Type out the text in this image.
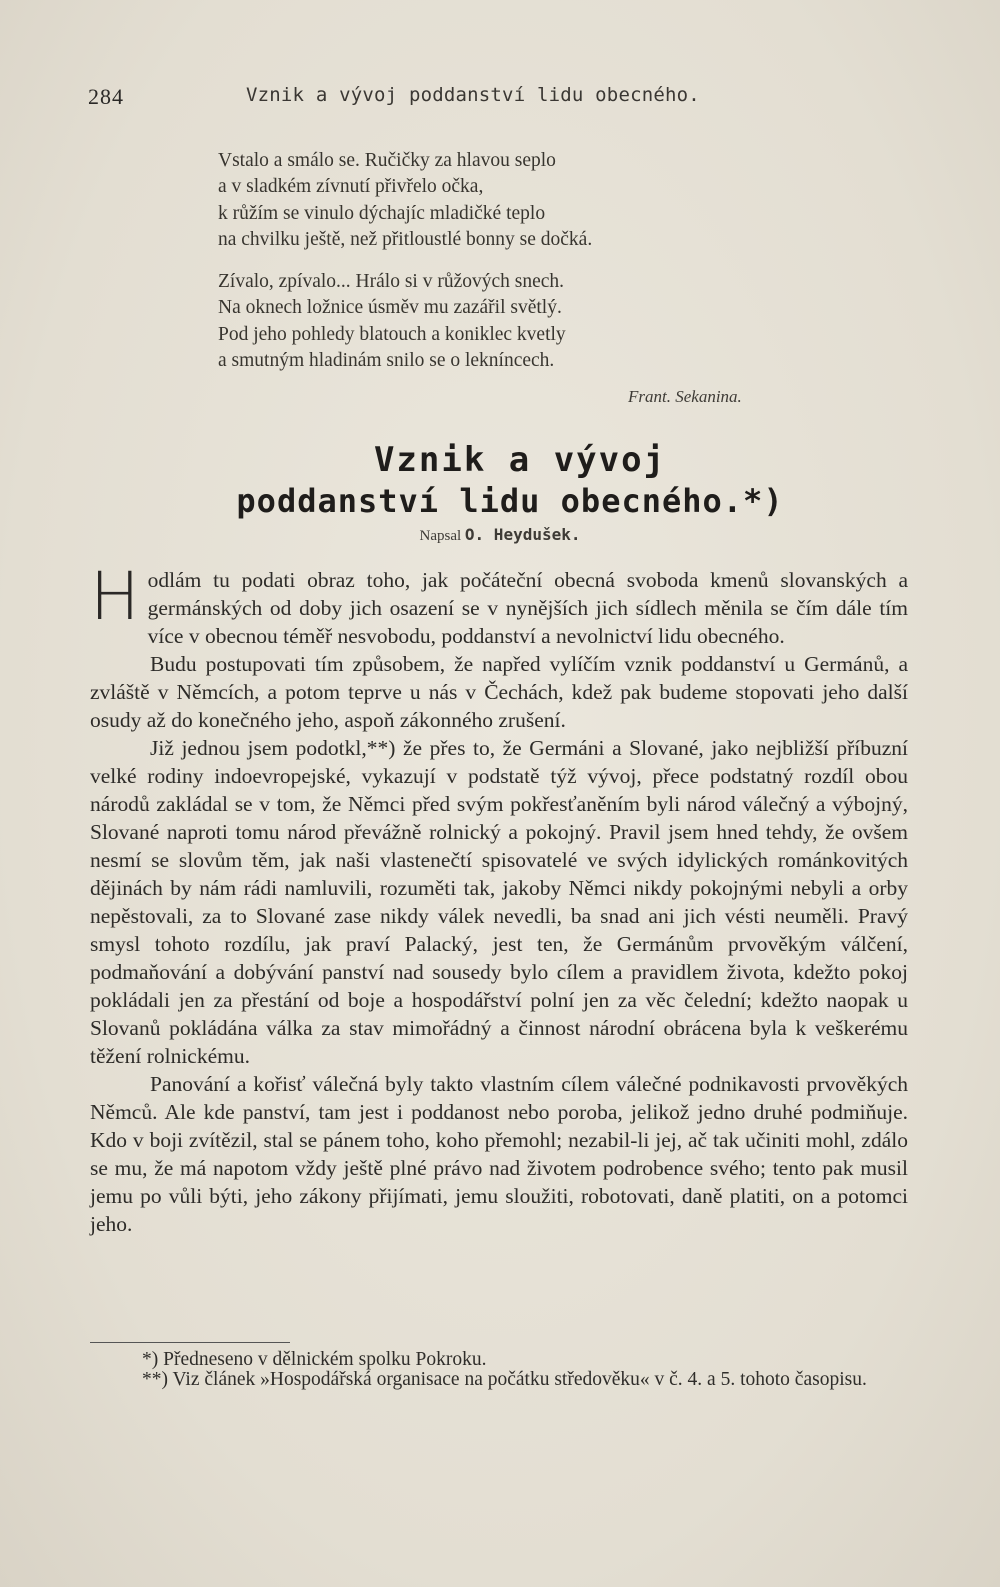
284	Vznik a vývoj poddanství lidu obecného.
Vstalo a smálo se. Ručičky za hlavou seplo
a v sladkém zívnutí přivřelo očka,
k růžím se vinulo dýchajíc mladičké teplo
na chvilku ještě, než přitloustlé bonny se dočká.
Zívalo, zpívalo... Hrálo si v růžových snech.
Na oknech ložnice úsměv mu zazářil světlý.
Pod jeho pohledy blatouch a koniklec kvetly
a smutným hladinám snilo se o lekníncech.
Frant. Sekanina.
Vznik a vývoj
poddanství lidu obecného.*)
Napsal O. Heydušek.

Hodlám tu podati obraz toho, jak počáteční obecná svoboda kmenů slovanských a germánských od doby jich osazení se v nynějších jich sídlech měnila se čím dále tím více v obecnou téměř nesvobodu, poddanství a nevolnictví lidu obecného.

Budu postupovati tím způsobem, že napřed vylíčím vznik poddanství u Germánů, a zvláště v Němcích, a potom teprve u nás v Čechách, kdež pak budeme stopovati jeho další osudy až do konečného jeho, aspoň zákonného zrušení.

Již jednou jsem podotkl,**) že přes to, že Germáni a Slované, jako nejbližší příbuzní velké rodiny indoevropejské, vykazují v podstatě týž vývoj, přece podstatný rozdíl obou národů zakládal se v tom, že Němci před svým pokřesťaněním byli národ válečný a výbojný, Slované naproti tomu národ převážně rolnický a pokojný. Pravil jsem hned tehdy, že ovšem nesmí se slovům těm, jak naši vlastenečtí spisovatelé ve svých idylických románkovitých dějinách by nám rádi namluvili, rozuměti tak, jakoby Němci nikdy pokojnými nebyli a orby nepěstovali, za to Slované zase nikdy válek nevedli, ba snad ani jich vésti neuměli. Pravý smysl tohoto rozdílu, jak praví Palacký, jest ten, že Germánům prvověkým válčení, podmaňování a dobývání panství nad sousedy bylo cílem a pravidlem života, kdežto pokoj pokládali jen za přestání od boje a hospodářství polní jen za věc čelední; kdežto naopak u Slovanů pokládána válka za stav mimořádný a činnost národní obrácena byla k veškerému těžení rolnickému.

Panování a kořisť válečná byly takto vlastním cílem válečné podnikavosti prvověkých Němců. Ale kde panství, tam jest i poddanost nebo poroba, jelikož jedno druhé podmiňuje. Kdo v boji zvítězil, stal se pánem toho, koho přemohl; nezabil-li jej, ač tak učiniti mohl, zdálo se mu, že má napotom vždy ještě plné právo nad životem podrobence svého; tento pak musil jemu po vůli býti, jeho zákony přijímati, jemu sloužiti, robotovati, daně platiti, on a potomci jeho.

*) Předneseno v dělnickém spolku Pokroku.
**) Viz článek »Hospodářská organisace na počátku středověku« v č. 4. a 5. tohoto časopisu.
